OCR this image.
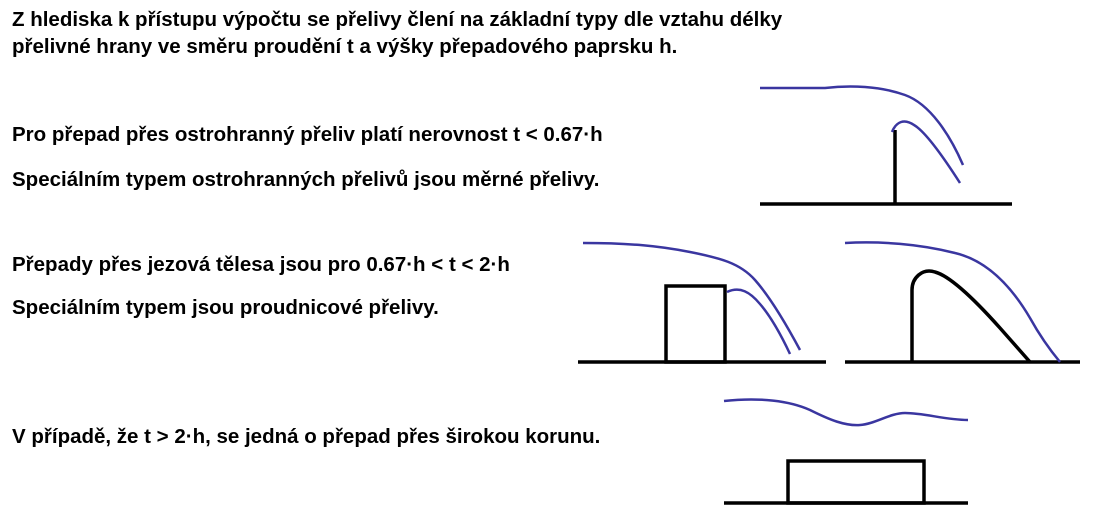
Z hlediska k přístupu výpočtu se přelivy člení na základní typy dle vztahu délky
přelivné hrany ve směru proudění t a výšky přepadového paprsku h.

Pro přepad přes ostrohranný přeliv platí nerovnost t < 0.67·h

Speciálním typem ostrohranných přelivů jsou měrné přelivy.

Přepady přes jezová tělesa jsou pro 0.67·h < t < 2·h

Speciálním typem jsou proudnicové přelivy.

V případě, že t > 2·h, se jedná o přepad přes širokou korunu.
